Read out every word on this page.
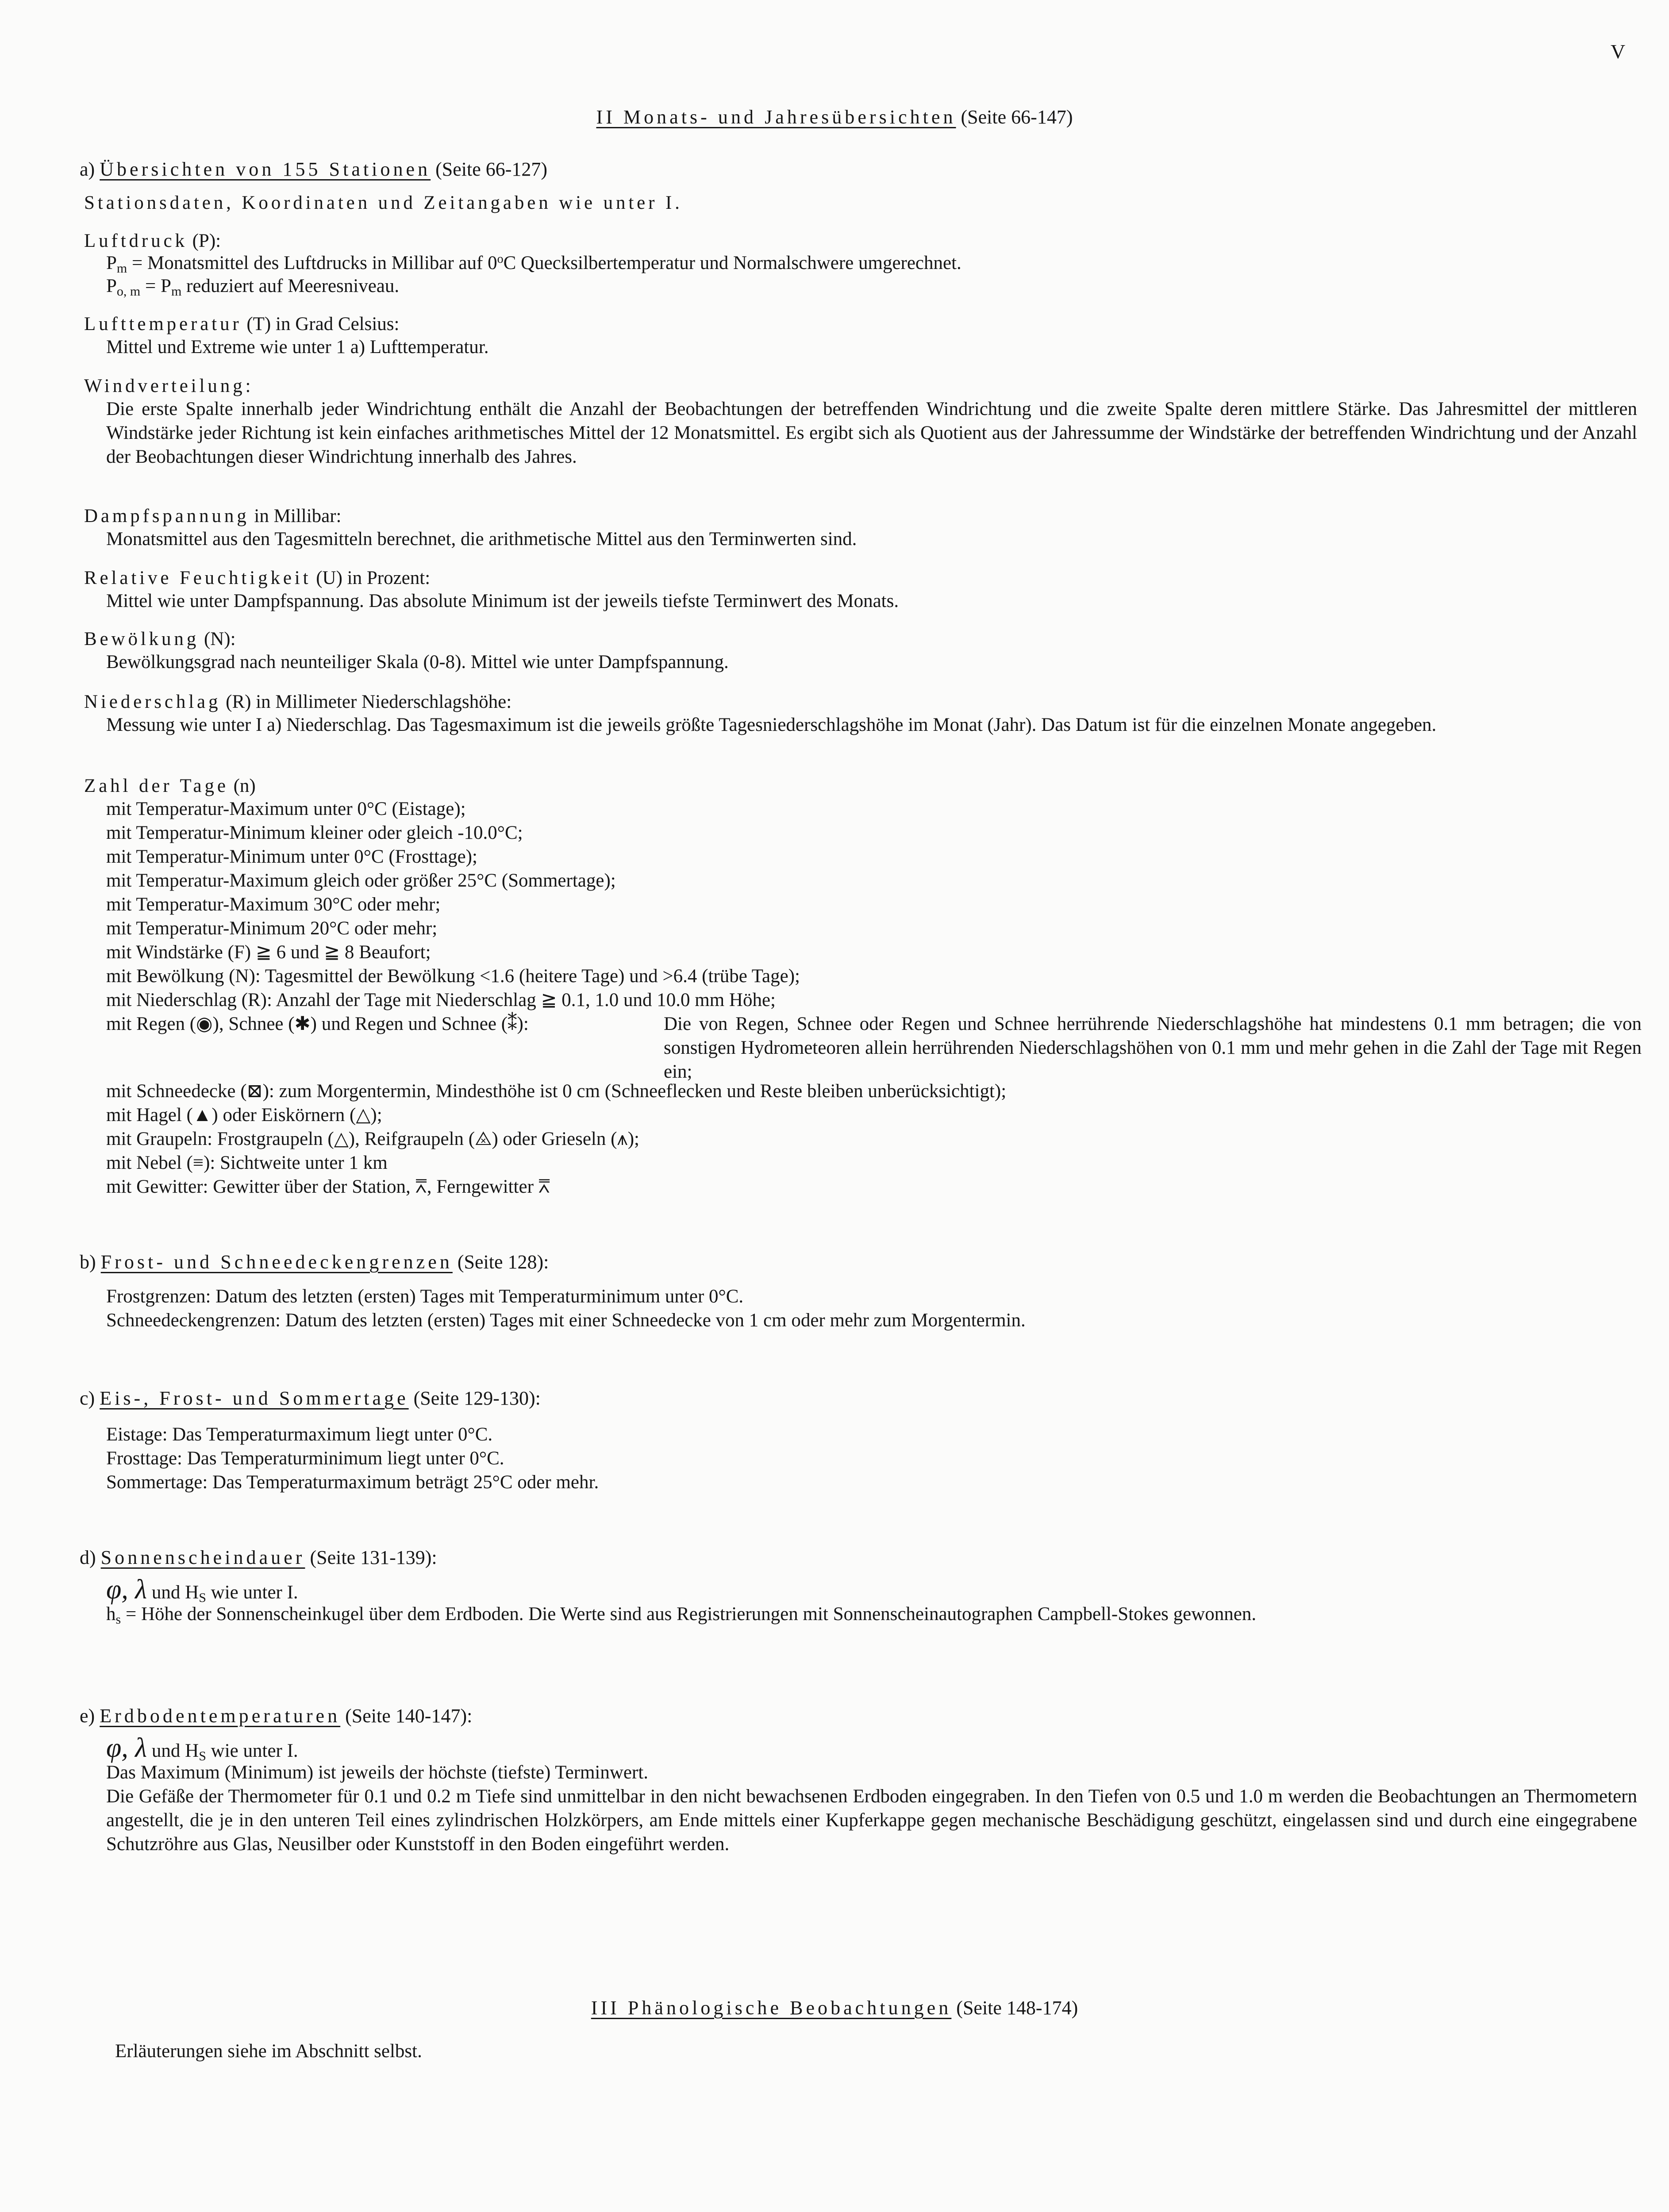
V
II Monats- und Jahresübersichten (Seite 66-147)
a) Übersichten von 155 Stationen (Seite 66-127)
Stationsdaten, Koordinaten und Zeitangaben wie unter I.
Luftdruck (P):
$P_m$ = Monatsmittel des Luftdrucks in Millibar auf 0$^o$C Quecksilbertemperatur und Normalschwere umgerechnet.
$P_{o, m} = P_m$ reduziert auf Meeresniveau.
Lufttemperatur (T) in Grad Celsius:
Mittel und Extreme wie unter 1 a) Lufttemperatur.
Windverteilung:
Die erste Spalte innerhalb jeder Windrichtung enthält die Anzahl der Beobachtungen der betreffenden Windrichtung und die zweite Spalte deren mittlere Stärke. Das Jahresmittel der mittleren Windstärke jeder Richtung ist kein einfaches arithmetisches Mittel der 12 Monatsmittel. Es ergibt sich als Quotient aus der Jahressumme der Windstärke der betreffenden Windrichtung und der Anzahl der Beobachtungen dieser Windrichtung innerhalb des Jahres.
Dampfspannung in Millibar:
Monatsmittel aus den Tagesmitteln berechnet, die arithmetische Mittel aus den Terminwerten sind.
Relative Feuchtigkeit (U) in Prozent:
Mittel wie unter Dampfspannung. Das absolute Minimum ist der jeweils tiefste Terminwert des Monats.
Bewölkung (N):
Bewölkungsgrad nach neunteiliger Skala (0-8). Mittel wie unter Dampfspannung.
Niederschlag (R) in Millimeter Niederschlagshöhe:
Messung wie unter I a) Niederschlag. Das Tagesmaximum ist die jeweils größte Tagesniederschlagshöhe im Monat (Jahr). Das Datum ist für die einzelnen Monate angegeben.
Zahl der Tage (n)
mit Temperatur-Maximum unter 0°C (Eistage);
mit Temperatur-Minimum kleiner oder gleich -10.0°C;
mit Temperatur-Minimum unter 0°C (Frosttage);
mit Temperatur-Maximum gleich oder größer 25°C (Sommertage);
mit Temperatur-Maximum 30°C oder mehr;
mit Temperatur-Minimum 20°C oder mehr;
mit Windstärke (F) ≧ 6 und ≧ 8 Beaufort;
mit Bewölkung (N): Tagesmittel der Bewölkung <1.6 (heitere Tage) und >6.4 (trübe Tage);
mit Niederschlag (R): Anzahl der Tage mit Niederschlag ≧ 0.1, 1.0 und 10.0 mm Höhe;
mit Regen (◉), Schnee (✱) und Regen und Schnee (⁑):	Die von Regen, Schnee oder Regen und Schnee herrührende Niederschlagshöhe hat mindestens 0.1 mm betragen; die von sonstigen Hydrometeoren allein herrührenden Niederschlagshöhen von 0.1 mm und mehr gehen in die Zahl der Tage mit Regen ein;
mit Schneedecke (⊠): zum Morgentermin, Mindesthöhe ist 0 cm (Schneeflecken und Reste bleiben unberücksichtigt);
mit Hagel (▲) oder Eiskörnern (△);
mit Graupeln: Frostgraupeln (△), Reifgraupeln (⨻) oder Grieseln (⩚);
mit Nebel (≡): Sichtweite unter 1 km
mit Gewitter: Gewitter über der Station, ⩞, Ferngewitter ⩞
b) Frost- und Schneedeckengrenzen (Seite 128):
Frostgrenzen: Datum des letzten (ersten) Tages mit Temperaturminimum unter 0°C.
Schneedeckengrenzen: Datum des letzten (ersten) Tages mit einer Schneedecke von 1 cm oder mehr zum Morgentermin.
c) Eis-, Frost- und Sommertage (Seite 129-130):
Eistage: Das Temperaturmaximum liegt unter 0°C.
Frosttage: Das Temperaturminimum liegt unter 0°C.
Sommertage: Das Temperaturmaximum beträgt 25°C oder mehr.
d) Sonnenscheindauer (Seite 131-139):
φ, λ und $H_S$ wie unter I.
$h_s$ = Höhe der Sonnenscheinkugel über dem Erdboden. Die Werte sind aus Registrierungen mit Sonnenscheinautographen Campbell-Stokes gewonnen.
e) Erdbodentemperaturen (Seite 140-147):
φ, λ und $H_S$ wie unter I.
Das Maximum (Minimum) ist jeweils der höchste (tiefste) Terminwert.
Die Gefäße der Thermometer für 0.1 und 0.2 m Tiefe sind unmittelbar in den nicht bewachsenen Erdboden eingegraben. In den Tiefen von 0.5 und 1.0 m werden die Beobachtungen an Thermometern angestellt, die je in den unteren Teil eines zylindrischen Holzkörpers, am Ende mittels einer Kupferkappe gegen mechanische Beschädigung geschützt, eingelassen sind und durch eine eingegrabene Schutzröhre aus Glas, Neusilber oder Kunststoff in den Boden eingeführt werden.
III Phänologische Beobachtungen (Seite 148-174)
Erläuterungen siehe im Abschnitt selbst.
